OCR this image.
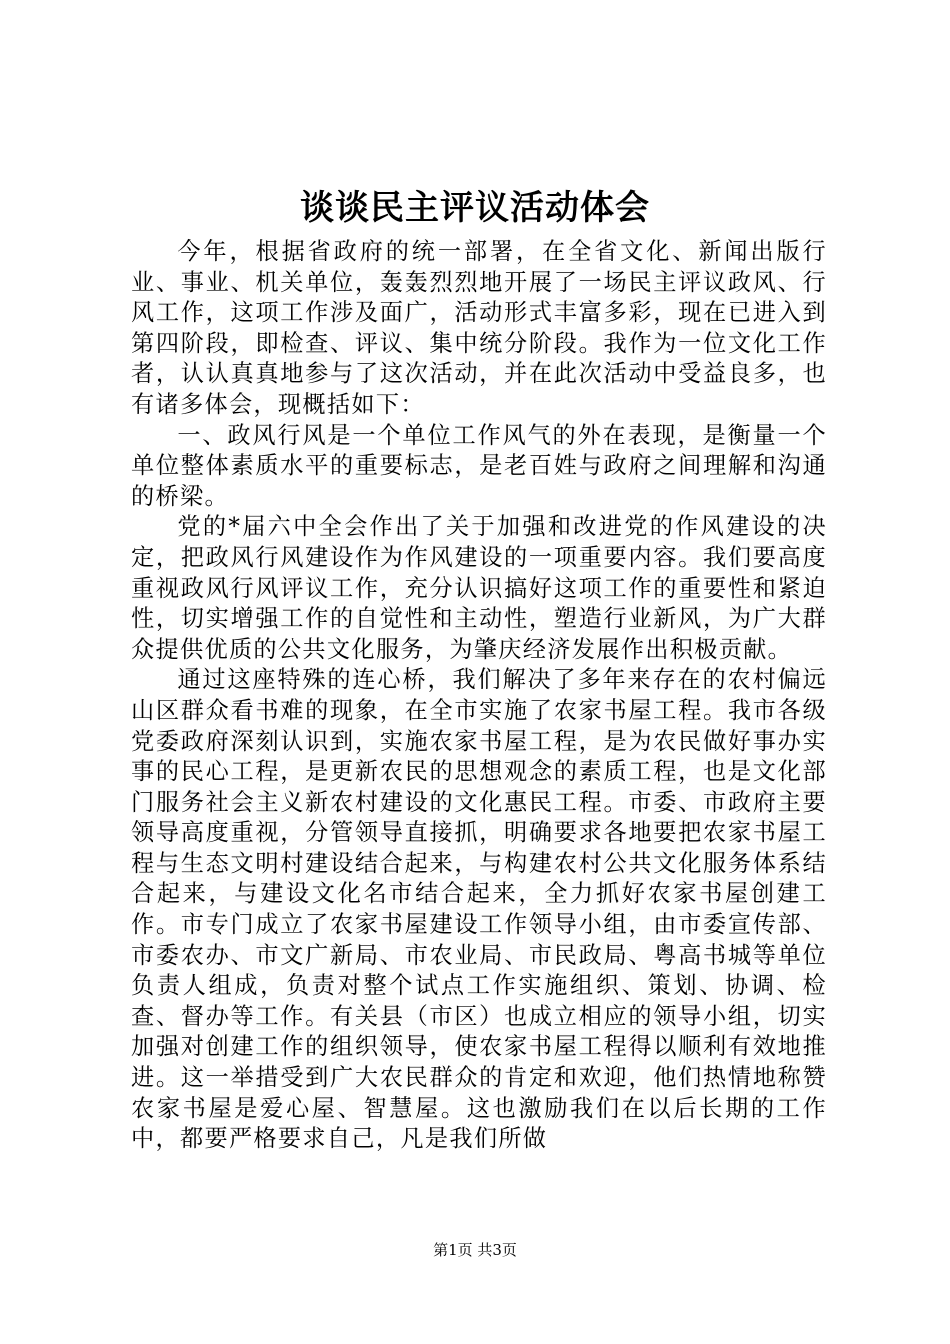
谈谈民主评议活动体会

今年，根据省政府的统一部署，在全省文化、新闻出版行业、事业、机关单位，轰轰烈烈地开展了一场民主评议政风、行风工作，这项工作涉及面广，活动形式丰富多彩，现在已进入到第四阶段，即检查、评议、集中统分阶段。我作为一位文化工作者，认认真真地参与了这次活动，并在此次活动中受益良多，也有诸多体会，现概括如下：

一、政风行风是一个单位工作风气的外在表现，是衡量一个单位整体素质水平的重要标志，是老百姓与政府之间理解和沟通的桥梁。

党的*届六中全会作出了关于加强和改进党的作风建设的决定，把政风行风建设作为作风建设的一项重要内容。我们要高度重视政风行风评议工作，充分认识搞好这项工作的重要性和紧迫性，切实增强工作的自觉性和主动性，塑造行业新风，为广大群众提供优质的公共文化服务，为肇庆经济发展作出积极贡献。

通过这座特殊的连心桥，我们解决了多年来存在的农村偏远山区群众看书难的现象，在全市实施了农家书屋工程。我市各级党委政府深刻认识到，实施农家书屋工程，是为农民做好事办实事的民心工程，是更新农民的思想观念的素质工程，也是文化部门服务社会主义新农村建设的文化惠民工程。市委、市政府主要领导高度重视，分管领导直接抓，明确要求各地要把农家书屋工程与生态文明村建设结合起来，与构建农村公共文化服务体系结合起来，与建设文化名市结合起来，全力抓好农家书屋创建工作。市专门成立了农家书屋建设工作领导小组，由市委宣传部、市委农办、市文广新局、市农业局、市民政局、粤高书城等单位负责人组成，负责对整个试点工作实施组织、策划、协调、检查、督办等工作。有关县（市区）也成立相应的领导小组，切实加强对创建工作的组织领导，使农家书屋工程得以顺利有效地推进。这一举措受到广大农民群众的肯定和欢迎，他们热情地称赞农家书屋是爱心屋、智慧屋。这也激励我们在以后长期的工作中，都要严格要求自己，凡是我们所做

第1页 共3页
